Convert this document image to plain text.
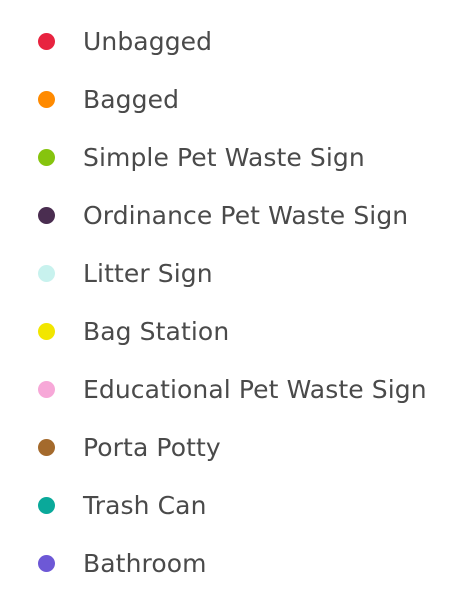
Unbagged
Bagged
Simple Pet Waste Sign
Ordinance Pet Waste Sign
Litter Sign
Bag Station
Educational Pet Waste Sign
Porta Potty
Trash Can
Bathroom
